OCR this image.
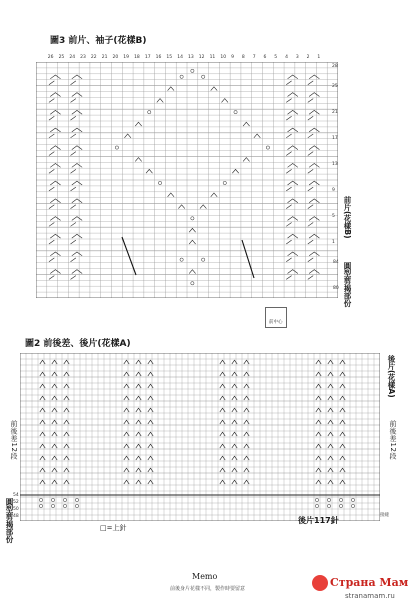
圖3 前片、袖子(花樣B)
26 25 24 23 22 21 20 19 18 17 16 15 14 13 12 11 10 9 8 7 6 5 4 3 2 1
28
25
21
17
13
9
5
1
前片(花樣B)
圓型剪揭部份
84
80
前中心
圖2 前後差、後片(花樣A)
後片(花樣A)
前後差12段
前後差12段
圓型剪揭部份
54
52
50
48	接縫
後片117針
□=上針
Memo
前後身片花樣不同，製作時要留意	Страна Мам
stranamam.ru
